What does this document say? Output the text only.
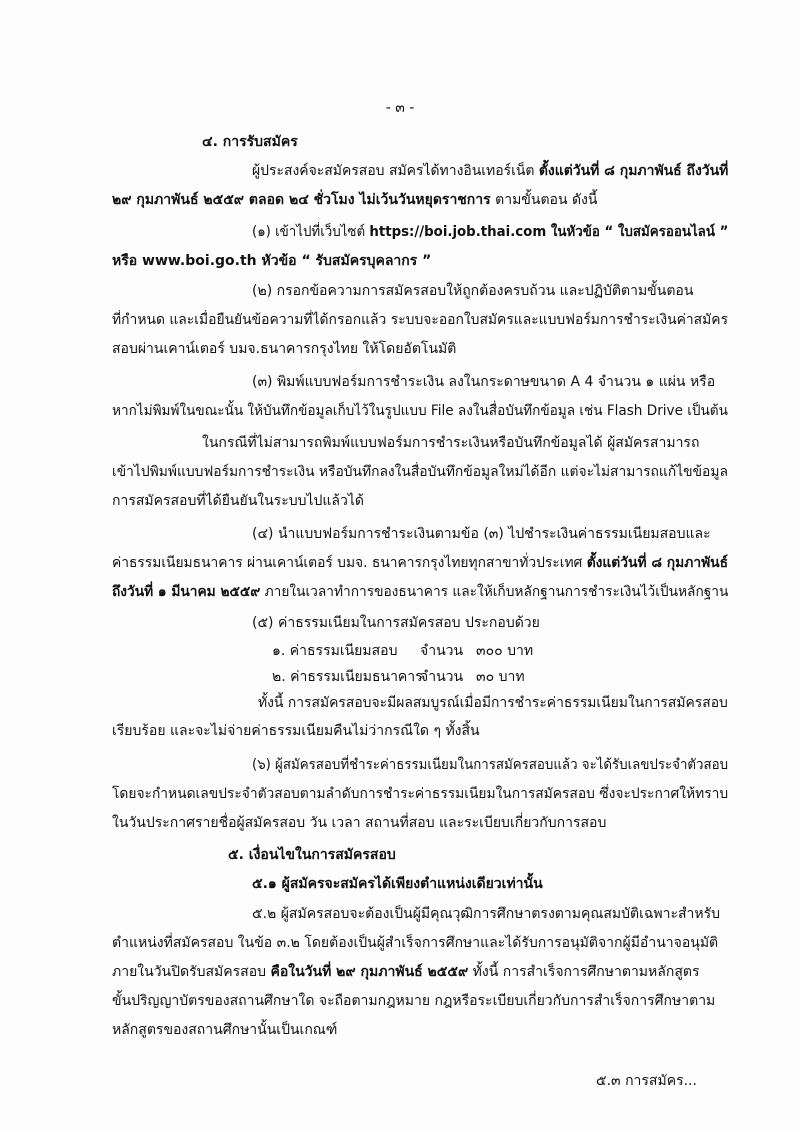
- ๓ -
๔. การรับสมัคร
ผู้ประสงค์จะสมัครสอบ สมัครได้ทางอินเทอร์เน็ต ตั้งแต่วันที่ ๘ กุมภาพันธ์ ถึงวันที่
๒๙ กุมภาพันธ์ ๒๕๕๙ ตลอด ๒๔ ชั่วโมง ไม่เว้นวันหยุดราชการ ตามขั้นตอน ดังนี้
(๑) เข้าไปที่เว็บไซต์ https://boi.job.thai.com ในหัวข้อ “ ใบสมัครออนไลน์ ”
หรือ www.boi.go.th หัวข้อ “ รับสมัครบุคลากร ”
(๒) กรอกข้อความการสมัครสอบให้ถูกต้องครบถ้วน และปฏิบัติตามขั้นตอน
ที่กำหนด และเมื่อยืนยันข้อความที่ได้กรอกแล้ว ระบบจะออกใบสมัครและแบบฟอร์มการชำระเงินค่าสมัคร
สอบผ่านเคาน์เตอร์ บมจ.ธนาคารกรุงไทย ให้โดยอัตโนมัติ
(๓) พิมพ์แบบฟอร์มการชำระเงิน ลงในกระดาษขนาด A 4 จำนวน ๑ แผ่น หรือ
หากไม่พิมพ์ในขณะนั้น ให้บันทึกข้อมูลเก็บไว้ในรูปแบบ File ลงในสื่อบันทึกข้อมูล เช่น Flash Drive เป็นต้น
ในกรณีที่ไม่สามารถพิมพ์แบบฟอร์มการชำระเงินหรือบันทึกข้อมูลได้ ผู้สมัครสามารถ
เข้าไปพิมพ์แบบฟอร์มการชำระเงิน หรือบันทึกลงในสื่อบันทึกข้อมูลใหม่ได้อีก แต่จะไม่สามารถแก้ไขข้อมูล
การสมัครสอบที่ได้ยืนยันในระบบไปแล้วได้
(๔) นำแบบฟอร์มการชำระเงินตามข้อ (๓) ไปชำระเงินค่าธรรมเนียมสอบและ
ค่าธรรมเนียมธนาคาร ผ่านเคาน์เตอร์ บมจ. ธนาคารกรุงไทยทุกสาขาทั่วประเทศ ตั้งแต่วันที่ ๘ กุมภาพันธ์
ถึงวันที่ ๑ มีนาคม ๒๕๕๙ ภายในเวลาทำการของธนาคาร และให้เก็บหลักฐานการชำระเงินไว้เป็นหลักฐาน
(๕) ค่าธรรมเนียมในการสมัครสอบ ประกอบด้วย
๑. ค่าธรรมเนียมสอบ จำนวน ๓๐๐ บาท
๒. ค่าธรรมเนียมธนาคารจำนวน ๓๐ บาท
ทั้งนี้ การสมัครสอบจะมีผลสมบูรณ์เมื่อมีการชำระค่าธรรมเนียมในการสมัครสอบ
เรียบร้อย และจะไม่จ่ายค่าธรรมเนียมคืนไม่ว่ากรณีใด ๆ ทั้งสิ้น
(๖) ผู้สมัครสอบที่ชำระค่าธรรมเนียมในการสมัครสอบแล้ว จะได้รับเลขประจำตัวสอบ
โดยจะกำหนดเลขประจำตัวสอบตามลำดับการชำระค่าธรรมเนียมในการสมัครสอบ ซึ่งจะประกาศให้ทราบ
ในวันประกาศรายชื่อผู้สมัครสอบ วัน เวลา สถานที่สอบ และระเบียบเกี่ยวกับการสอบ
๕. เงื่อนไขในการสมัครสอบ
๕.๑ ผู้สมัครจะสมัครได้เพียงตำแหน่งเดียวเท่านั้น
๕.๒ ผู้สมัครสอบจะต้องเป็นผู้มีคุณวุฒิการศึกษาตรงตามคุณสมบัติเฉพาะสำหรับ
ตำแหน่งที่สมัครสอบ ในข้อ ๓.๒ โดยต้องเป็นผู้สำเร็จการศึกษาและได้รับการอนุมัติจากผู้มีอำนาจอนุมัติ
ภายในวันปิดรับสมัครสอบ คือในวันที่ ๒๙ กุมภาพันธ์ ๒๕๕๙ ทั้งนี้ การสำเร็จการศึกษาตามหลักสูตร
ขั้นปริญญาบัตรของสถานศึกษาใด จะถือตามกฎหมาย กฎหรือระเบียบเกี่ยวกับการสำเร็จการศึกษาตาม
หลักสูตรของสถานศึกษานั้นเป็นเกณฑ์
๕.๓ การสมัคร...
